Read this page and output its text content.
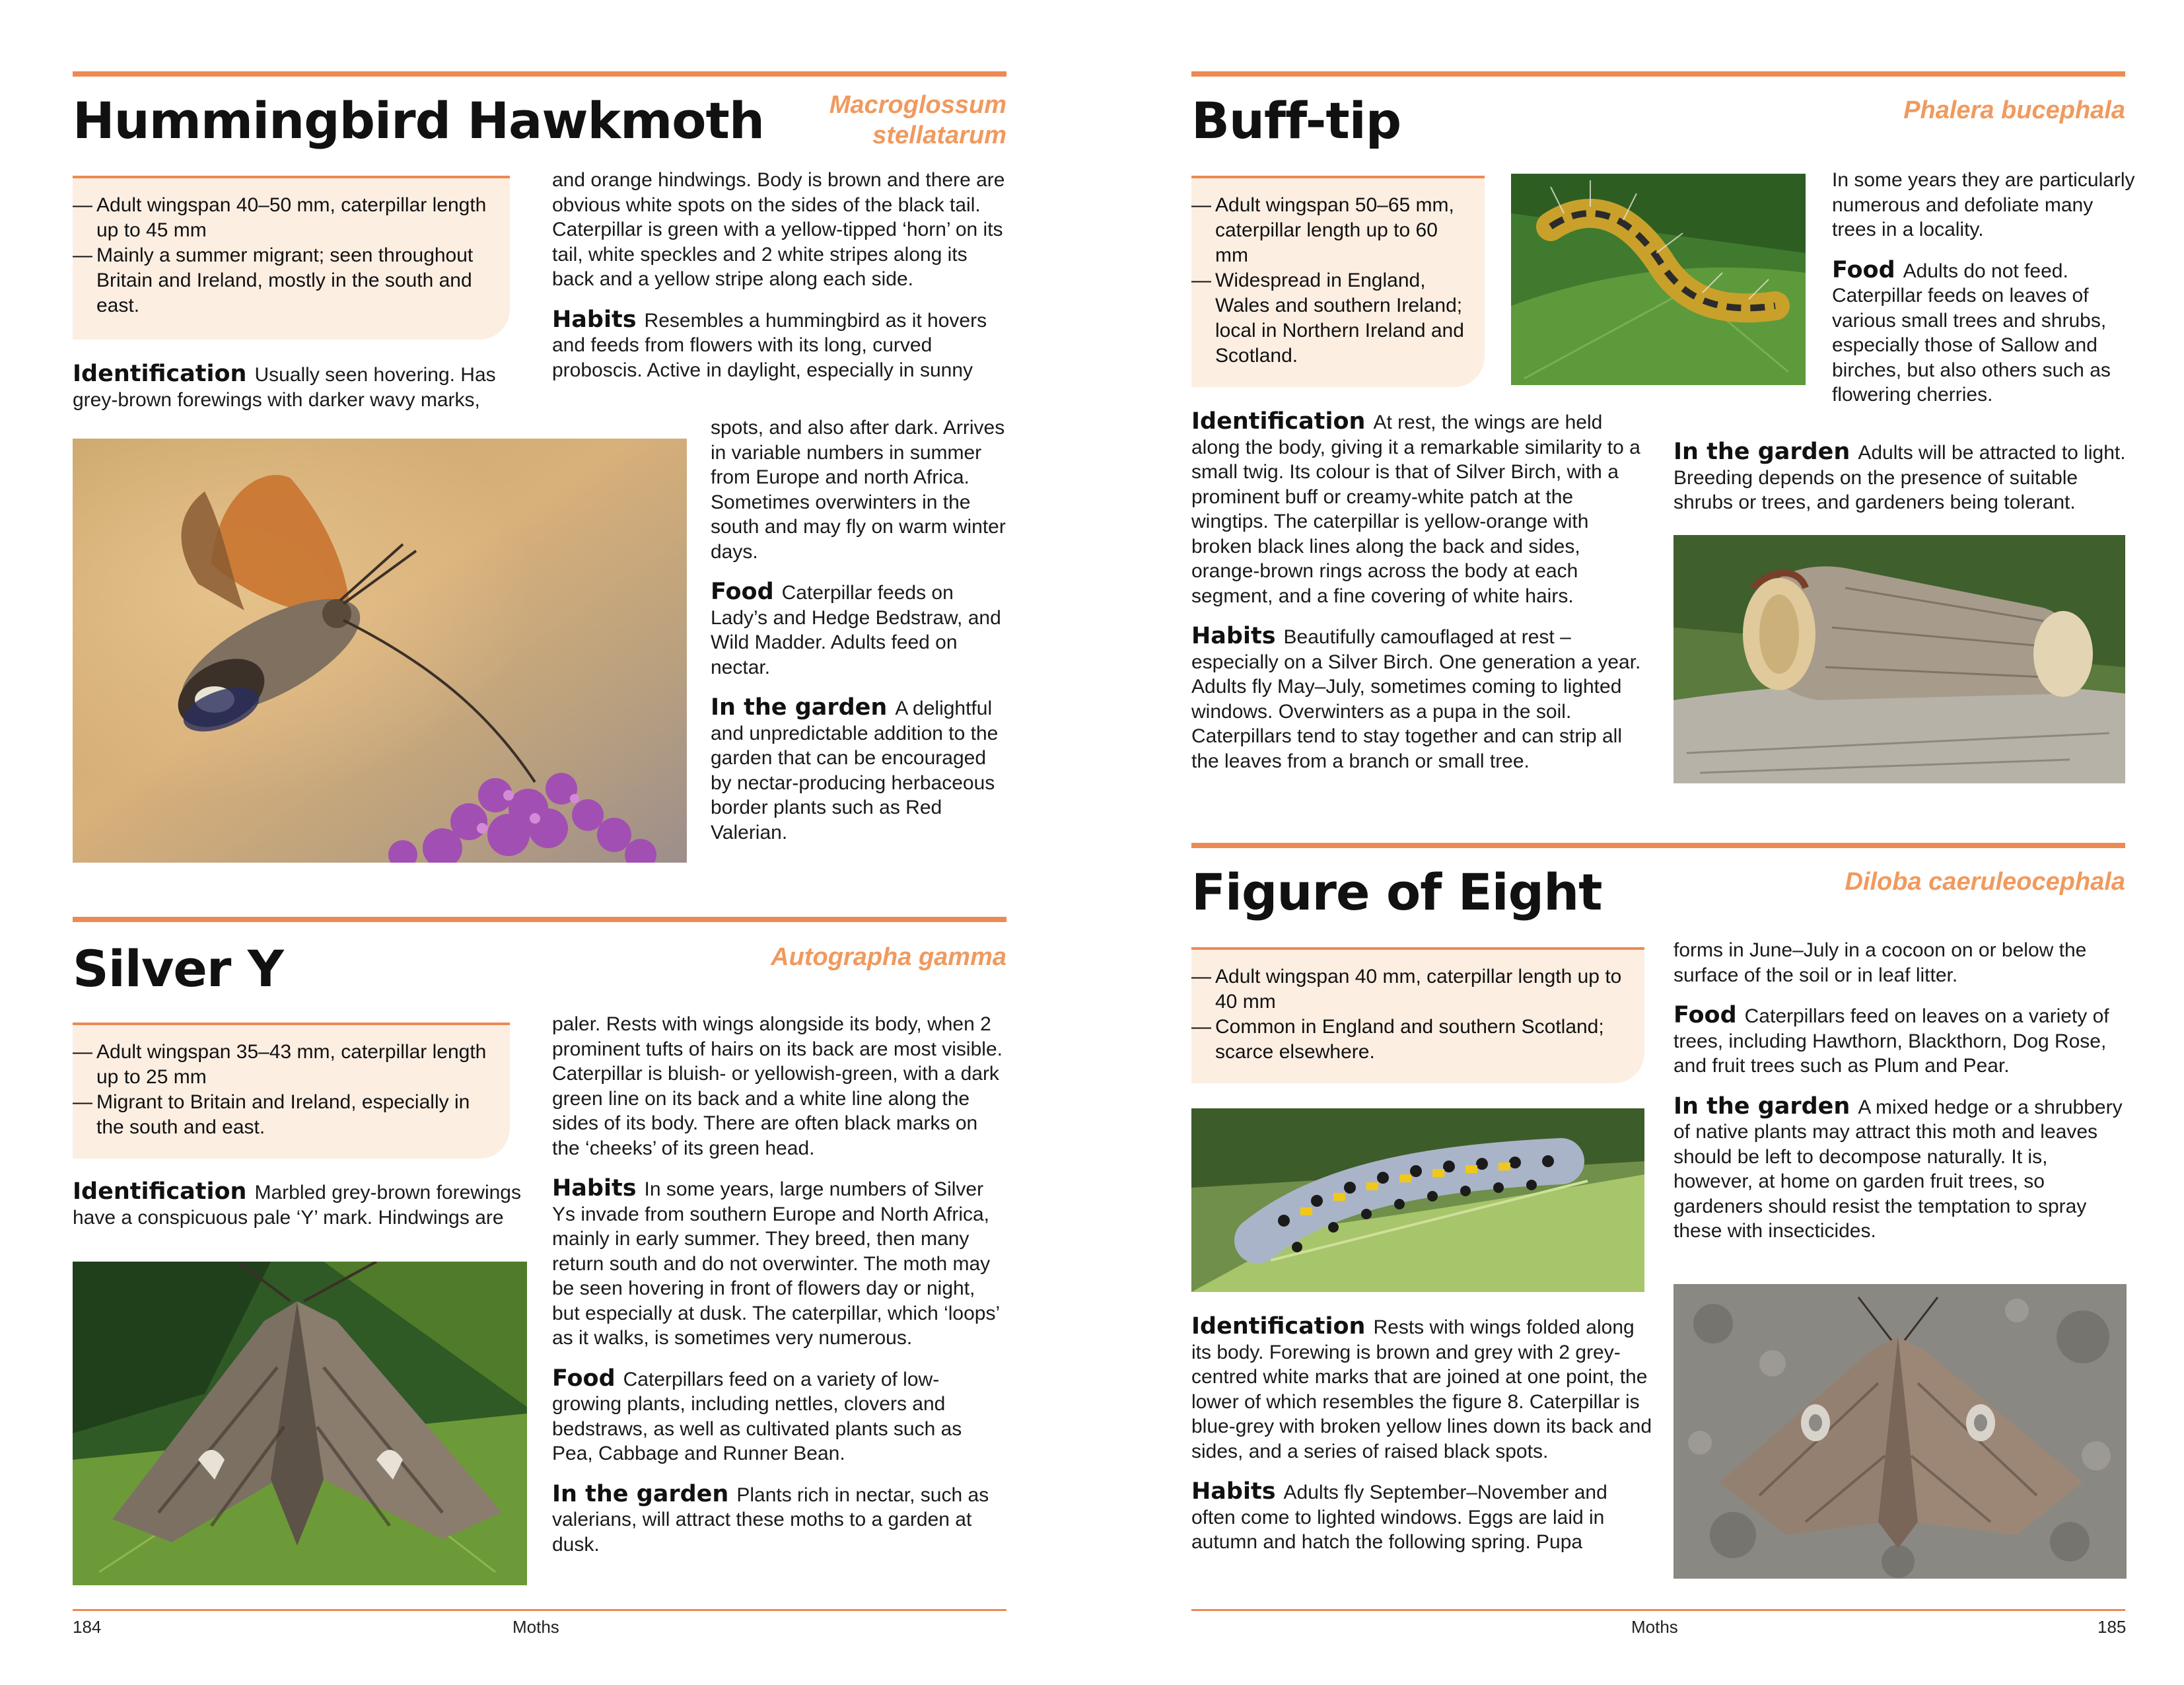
Hummingbird Hawkmoth	Macroglossum
stellatarum
— Adult wingspan 40–50 mm, caterpillar length up to 45 mm
— Mainly a summer migrant; seen throughout Britain and Ireland, mostly in the south and east.
Identification Usually seen hovering. Has grey-brown forewings with darker wavy marks,

and orange hindwings. Body is brown and there are obvious white spots on the sides of the black tail. Caterpillar is green with a yellow-tipped ‘horn’ on its tail, white speckles and 2 white stripes along its back and a yellow stripe along each side.

Habits Resembles a hummingbird as it hovers and feeds from flowers with its long, curved proboscis. Active in daylight, especially in sunny

spots, and also after dark. Arrives in variable numbers in summer from Europe and north Africa. Sometimes overwinters in the south and may fly on warm winter days.

Food Caterpillar feeds on Lady’s and Hedge Bedstraw, and Wild Madder. Adults feed on nectar.

In the garden A delightful and unpredictable addition to the garden that can be encouraged by nectar-producing herbaceous border plants such as Red Valerian.

Silver Y	Autographa gamma
— Adult wingspan 35–43 mm, caterpillar length up to 25 mm
— Migrant to Britain and Ireland, especially in the south and east.
Identification Marbled grey-brown forewings have a conspicuous pale ‘Y’ mark. Hindwings are

paler. Rests with wings alongside its body, when 2 prominent tufts of hairs on its back are most visible. Caterpillar is bluish- or yellowish-green, with a dark green line on its back and a white line along the sides of its body. There are often black marks on the ‘cheeks’ of its green head.

Habits In some years, large numbers of Silver Ys invade from southern Europe and North Africa, mainly in early summer. They breed, then many return south and do not overwinter. The moth may be seen hovering in front of flowers day or night, but especially at dusk. The caterpillar, which ‘loops’ as it walks, is sometimes very numerous.

Food Caterpillars feed on a variety of low-growing plants, including nettles, clovers and bedstraws, as well as cultivated plants such as Pea, Cabbage and Runner Bean.

In the garden Plants rich in nectar, such as valerians, will attract these moths to a garden at dusk.

184	Moths
Buff-tip	Phalera bucephala
— Adult wingspan 50–65 mm, caterpillar length up to 60 mm
— Widespread in England, Wales and southern Ireland; local in Northern Ireland and Scotland.

Identification At rest, the wings are held along the body, giving it a remarkable similarity to a small twig. Its colour is that of Silver Birch, with a prominent buff or creamy-white patch at the wingtips. The caterpillar is yellow-orange with broken black lines along the back and sides, orange-brown rings across the body at each segment, and a fine covering of white hairs.

Habits Beautifully camouflaged at rest – especially on a Silver Birch. One generation a year. Adults fly May–July, sometimes coming to lighted windows. Overwinters as a pupa in the soil. Caterpillars tend to stay together and can strip all the leaves from a branch or small tree.

In some years they are particularly numerous and defoliate many trees in a locality.

Food Adults do not feed. Caterpillar feeds on leaves of various small trees and shrubs, especially those of Sallow and birches, but also others such as flowering cherries.

In the garden Adults will be attracted to light. Breeding depends on the presence of suitable shrubs or trees, and gardeners being tolerant.

Figure of Eight	Diloba caeruleocephala
— Adult wingspan 40 mm, caterpillar length up to 40 mm
— Common in England and southern Scotland; scarce elsewhere.

Identification Rests with wings folded along its body. Forewing is brown and grey with 2 grey-centred white marks that are joined at one point, the lower of which resembles the figure 8. Caterpillar is blue-grey with broken yellow lines down its back and sides, and a series of raised black spots.

Habits Adults fly September–November and often come to lighted windows. Eggs are laid in autumn and hatch the following spring. Pupa

forms in June–July in a cocoon on or below the surface of the soil or in leaf litter.

Food Caterpillars feed on leaves on a variety of trees, including Hawthorn, Blackthorn, Dog Rose, and fruit trees such as Plum and Pear.

In the garden A mixed hedge or a shrubbery of native plants may attract this moth and leaves should be left to decompose naturally. It is, however, at home on garden fruit trees, so gardeners should resist the temptation to spray these with insecticides.

Moths	185
